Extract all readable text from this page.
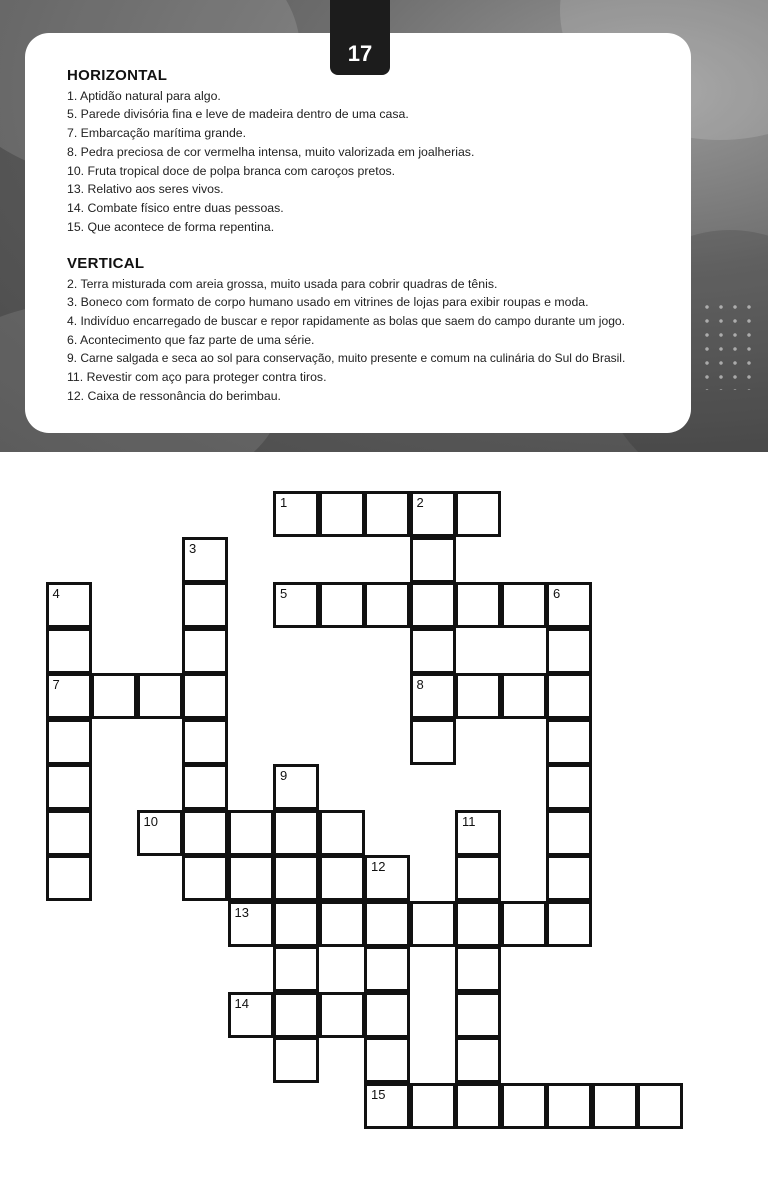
17
HORIZONTAL
1. Aptidão natural para algo.
5. Parede divisória fina e leve de madeira dentro de uma casa.
7. Embarcação marítima grande.
8. Pedra preciosa de cor vermelha intensa, muito valorizada em joalherias.
10. Fruta tropical doce de polpa branca com caroços pretos.
13. Relativo aos seres vivos.
14. Combate físico entre duas pessoas.
15. Que acontece de forma repentina.
VERTICAL
2. Terra misturada com areia grossa, muito usada para cobrir quadras de tênis.
3. Boneco com formato de corpo humano usado em vitrines de lojas para exibir roupas e moda.
4. Indivíduo encarregado de buscar e repor rapidamente as bolas que saem do campo durante um jogo.
6. Acontecimento que faz parte de uma série.
9. Carne salgada e seca ao sol para conservação, muito presente e comum na culinária do Sul do Brasil.
11. Revestir com aço para proteger contra tiros.
12. Caixa de ressonância do berimbau.
1	2
3
4	5	6
7	8
9
10	11
12
13
14
15
